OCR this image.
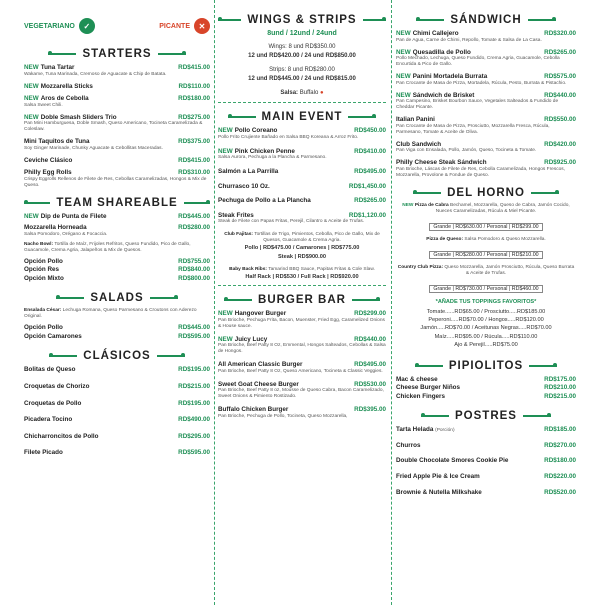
VEGETARIANO	✓	PICANTE	✕
STARTERS
NEW Tuna Tartar	RD$415.00
Wakame, Tuna Marinada, Cremoso de Aguacate & Chip de Batata.
NEW Mozzarella Sticks	RD$110.00
NEW Aros de Cebolla	RD$180.00
Salsa Sweet Chili.
NEW Doble Smash Sliders Trio	RD$275.00
Pan Mini Hamburguesa, Doble Smash, Queso Americano, Tocineta Caramelizada & Coleslaw.
Mini Taquitos de Tuna	RD$375.00
Soy Ginger Marinade, Chunky Aguacate & Cebollitas Maceradas.
Ceviche Clásico	RD$415.00
Philly Egg Rolls	RD$310.00
Crispy Eggrolls Rellenos de Filete de Res, Cebollas Caramelizadas, Hongos & Mix de Queso.
TEAM SHAREABLE
NEW Dip de Punta de Filete	RD$445.00
Mozzarella Horneada	RD$280.00
Salsa Pomodoro, Orégano & Focaccia.
Nacho Bowl: Tortilla de Maíz, Frijoles Refritos, Queso Fundido, Pico de Gallo, Guacamole, Crema Agria, Jalapeños & Mix de Quesos.
Opción Pollo	RD$755.00
Opción Res	RD$840.00
Opción Mixto	RD$800.00
SALADS
Ensalada César: Lechuga Romana, Queso Parmesano & Croutons con Aderezo Original.
Opción Pollo	RD$445.00
Opción Camarones	RD$595.00
CLÁSICOS
Bolitas de Queso	RD$195.00
Croquetas de Chorizo	RD$215.00
Croquetas de Pollo	RD$195.00
Picadera Tocino	RD$490.00
Chicharroncitos de Pollo	RD$295.00
Filete Picado	RD$595.00
WINGS & STRIPS
8und / 12und / 24und
Wings: 8 und RD$350.00
12 und RD$420.00 / 24 und RD$850.00
Strips: 8 und RD$280.00
12 und RD$445.00 / 24 und RD$815.00
Salsa: Buffalo ●
MAIN EVENT
NEW Pollo Coreano	RD$450.00
Pollo Frito Crujiente Bañado en Salsa BBQ Koreana & Arroz Frito.
NEW Pink Chicken Penne	RD$410.00
Salsa Aurora, Pechuga a la Plancha & Parmesano.
Salmón a La Parrilla	RD$495.00
Churrasco 10 Oz.	RD$1,450.00
Pechuga de Pollo a La Plancha	RD$265.00
Steak Frites	RD$1,120.00
Steak de Filete con Papas Fritas, Perejil, Cilantro & Aceite de Trufas.
Club Fajitas: Tortillas de Trigo, Pimientos, Cebolla, Pico de Gallo, Mix de Quesos, Guacamole & Crema Agria.
Pollo | RD$475.00 / Camarones | RD$775.00
Steak | RD$900.00
Baby Back Ribs: Tamarind BBQ Sauce, Papitas Fritas & Cole Slaw.
Half Rack | RD$530 / Full Rack | RD$920.00
BURGER BAR
NEW Hangover Burger	RD$299.00
Pan Brioche, Pechuga Frita, Bacon, Muenster, Fried Egg, Caramelized Onions & House sauce.
NEW Juicy Lucy	RD$440.00
Pan Brioche, Beef Patty 8 Oz, Emmental, Hongos Salteados, Cebollas & Salsa de Hongos.
All American Classic Burger	RD$495.00
Pan Brioche, Beef Patty 8 Oz, Queso Americano, Tocineta & Classic Veggies.
Sweet Goat Cheese Burger	RD$530.00
Pan Brioche, Beef Patty 8 oz, Mousse de Queso Cabra, Bacon Caramelizado, Sweet Onions & Pimiento Rostizado.
Buffalo Chicken Burger	RD$395.00
Pan Brioche, Pechuga de Pollo, Tocineta, Queso Mozzarella,
SÁNDWICH
NEW Chimi Callejero	RD$320.00
Pan de Agua, Carne de Chimi, Repollo, Tomate & Salsa de La Casa.
NEW Quesadilla de Pollo	RD$265.00
Pollo Mechado, Lechuga, Queso Fundido, Crema Agria, Guacamole, Cebolla Encurtida & Pico de Gallo.
NEW Panini Mortadela Burrata	RD$575.00
Pan Crocante de Masa de Pizza, Mortadela, Rúcula, Pesto, Burrata & Pistachio.
NEW Sándwich de Brisket	RD$440.00
Pan Campesino, Brisket Bourbon Sauce, Vegetales Salteados & Fundido de Cheddar Picante.
Italian Panini	RD$550.00
Pan Crocante de Masa de Pizza, Prosciutto, Mozzarella Fresca, Rúcula, Parmesano, Tomate & Aceite de Oliva.
Club Sandwich	RD$420.00
Pan Viga con Ensalada, Pollo, Jamón, Queso, Tocineta & Tomate.
Philly Cheese Steak Sándwich	RD$925.00
Pan Brioche, Láscas de Filete de Res, Cebolla Caramelizada, Hongos Frescos, Mozzarella, Provolone & Fondue de Queso.
DEL HORNO
NEW Pizza de Cabra Bechamel, Mozzarella, Queso de Cabra, Jamón Cocido, Nueces Caramelizadas, Rúcula & Miel Picante.
Grande | RD$630.00 / Personal | RD$299.00
Pizza de Queso: Salsa Pomodoro & Queso Mozzarella.
Grande | RD$280.00 / Personal | RD$210.00
Country Club Pizza: Queso Mozzarella, Jamón Prosciutto, Rúcula, Queso Burrata & Aceite de Trufas.
Grande | RD$730.00 / Personal | RD$460.00
*AÑADE TUS TOPPINGS FAVORITOS*
Tomate......RD$65.00 / Prosciutto.....RD$185.00
Peperoni.....RD$70.00 / Hongos.....RD$120.00
Jamón.....RD$70.00 / Aceitunas Negras.....RD$70.00
Maíz.....RD$95.00 / Rúcula.....RD$110.00
Ajo & Perejil.....RD$75.00
PIPIOLITOS
Mac & cheese	RD$175.00
Cheese Burger Niños	RD$210.00
Chicken Fingers	RD$215.00
POSTRES
Tarta Helada (Porción)	RD$185.00
Churros	RD$270.00
Double Chocolate Smores Cookie Pie	RD$180.00
Fried Apple Pie & Ice Cream	RD$220.00
Brownie & Nutella Milkshake	RD$520.00
